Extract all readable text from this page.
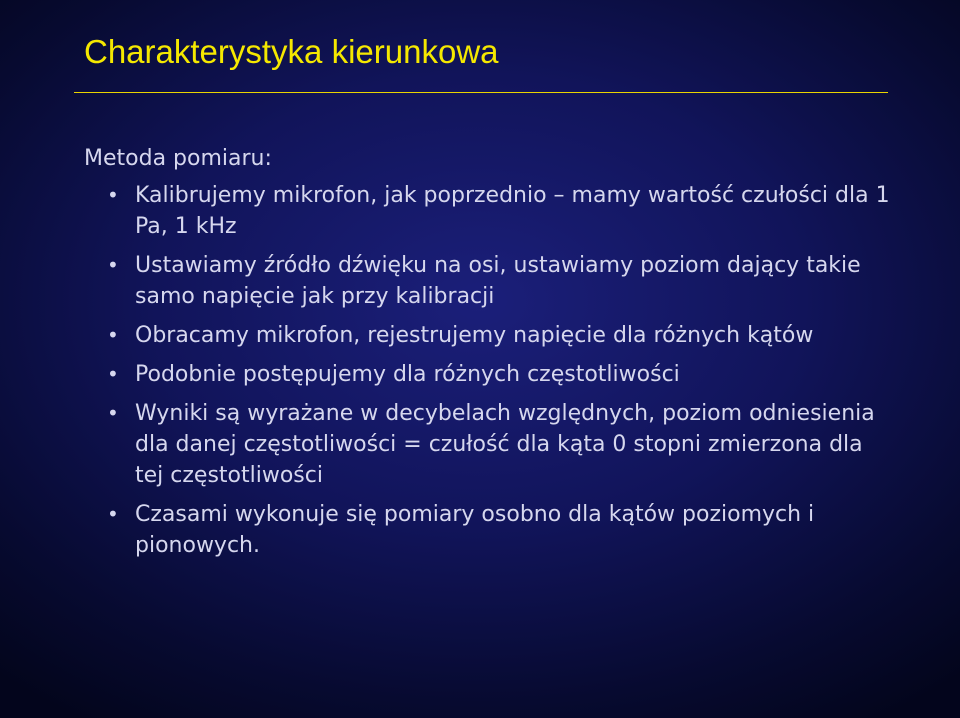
Charakterystyka kierunkowa
Metoda pomiaru:
• Kalibrujemy mikrofon, jak poprzednio – mamy wartość czułości dla 1 Pa, 1 kHz
• Ustawiamy źródło dźwięku na osi, ustawiamy poziom dający takie samo napięcie jak przy kalibracji
• Obracamy mikrofon, rejestrujemy napięcie dla różnych kątów
• Podobnie postępujemy dla różnych częstotliwości
• Wyniki są wyrażane w decybelach względnych, poziom odniesienia dla danej częstotliwości = czułość dla kąta 0 stopni zmierzona dla tej częstotliwości
• Czasami wykonuje się pomiary osobno dla kątów poziomych i pionowych.
